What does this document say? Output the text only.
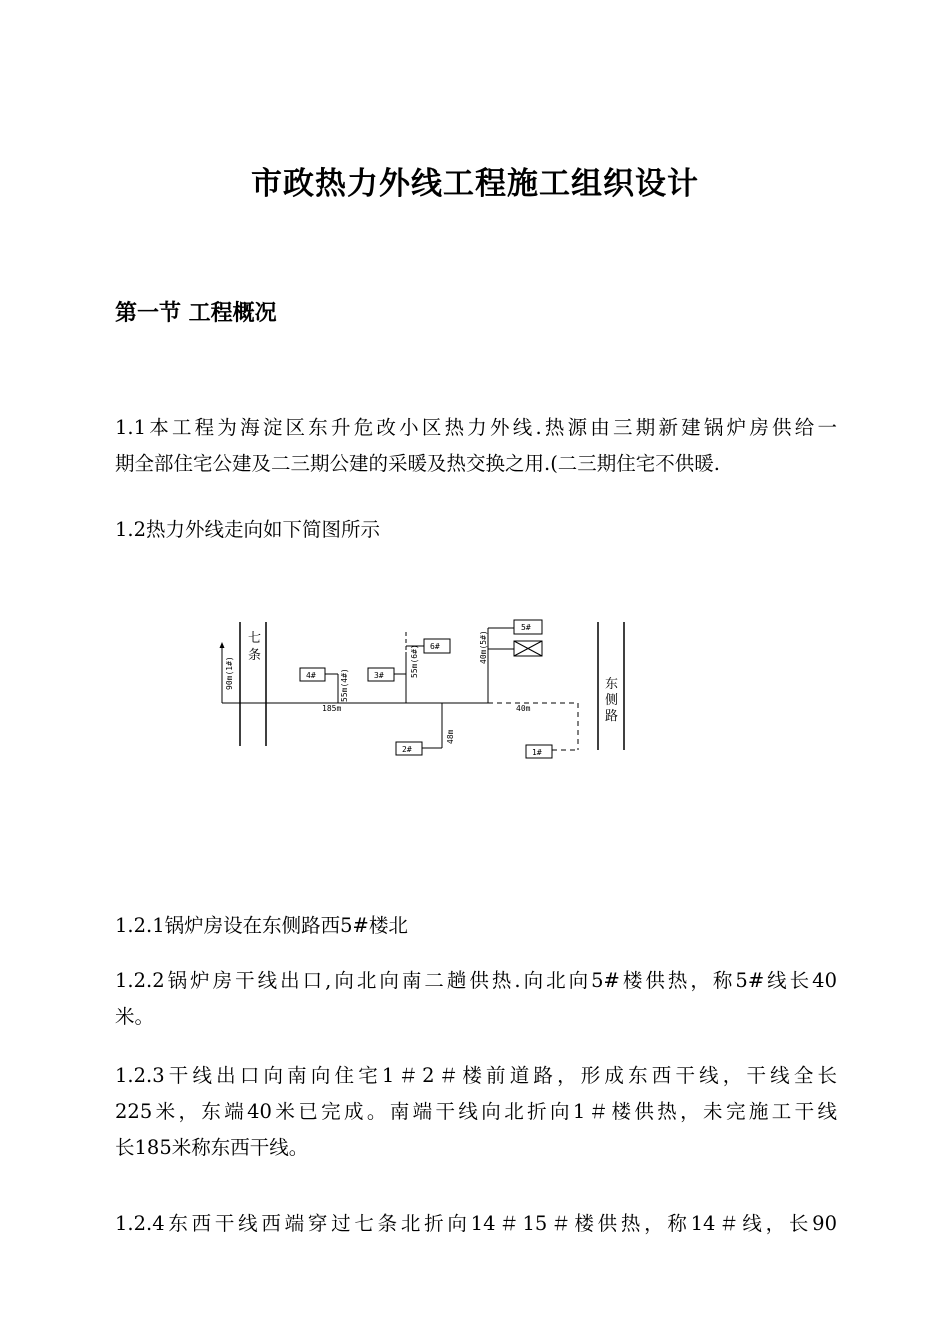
市政热力外线工程施工组织设计
第一节 工程概况

1.1本工程为海淀区东升危改小区热力外线.热源由三期新建锅炉房供给一
期全部住宅公建及二三期公建的采暖及热交换之用.(二三期住宅不供暖.

1.2热力外线走向如下简图所示

七
条
东
侧
路
185m	40m
90m(1#)	4#	55m(4#)	3#
6#
55m(6#)
2#
48m
5#
40m(5#)
1#

1.2.1锅炉房设在东侧路西5#楼北

1.2.2锅炉房干线出口,向北向南二趟供热.向北向5#楼供热，称5#线长40
米。

1.2.3干线出口向南向住宅1＃2＃楼前道路，形成东西干线，干线全长
225米，东端40米已完成。南端干线向北折向1＃楼供热，未完施工干线
长185米称东西干线。

1.2.4东西干线西端穿过七条北折向14＃15＃楼供热，称14＃线，长90
